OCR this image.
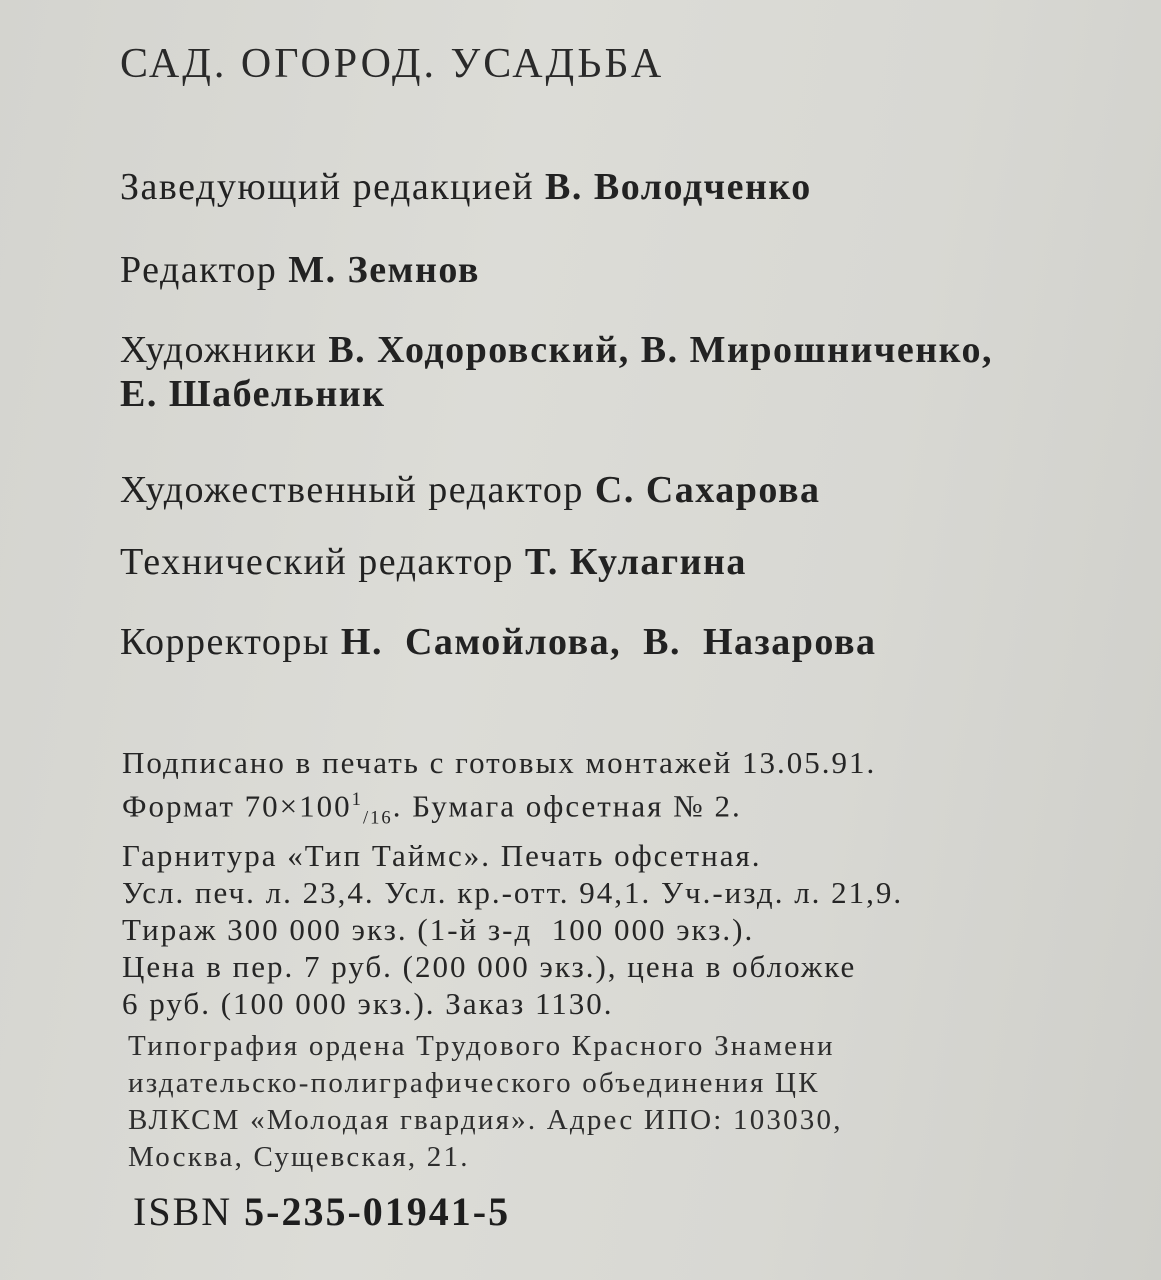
САД. ОГОРОД. УСАДЬБА
Заведующий редакцией В. Володченко
Редактор М. Земнов
Художники В. Ходоровский, В. Мирошниченко,
Е. Шабельник
Художественный редактор С. Сахарова
Технический редактор Т. Кулагина
Корректоры Н.  Самойлова,  В.  Назарова
Подписано в печать с готовых монтажей 13.05.91.
Формат $70\times 100^1_{/16}$. Бумага офсетная № 2.
Гарнитура «Тип Таймс». Печать офсетная.
Усл. печ. л. 23,4. Усл. кр.-отт. 94,1. Уч.-изд. л. 21,9.
Тираж 300 000 экз. (1-й з-д  100 000 экз.).
Цена в пер. 7 руб. (200 000 экз.), цена в обложке
6 руб. (100 000 экз.). Заказ 1130.
Типография ордена Трудового Красного Знамени
издательско-полиграфического объединения ЦК
ВЛКСМ «Молодая гвардия». Адрес ИПО: 103030,
Москва, Сущевская, 21.
ISBN 5-235-01941-5
